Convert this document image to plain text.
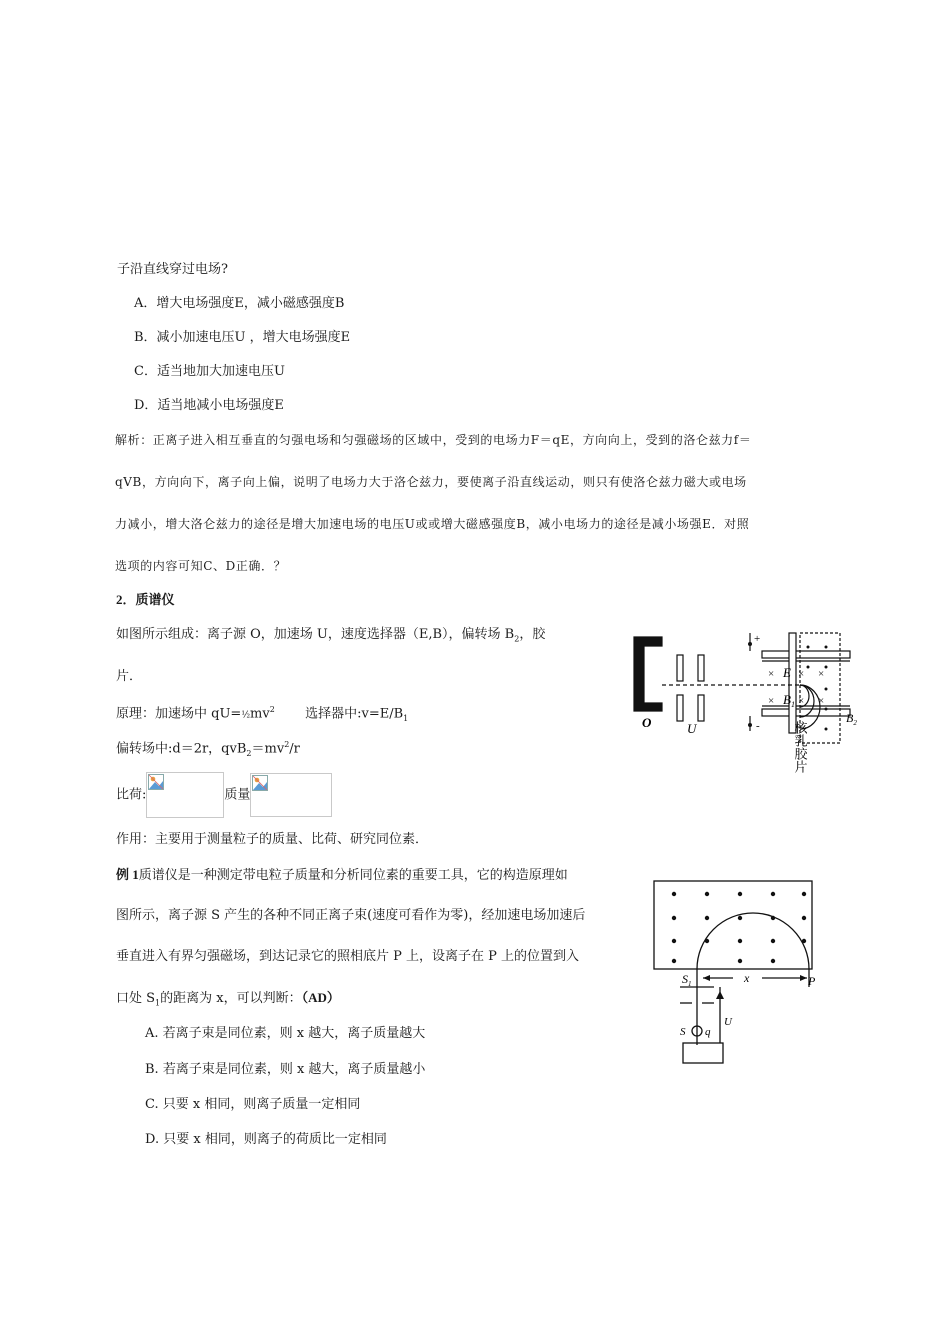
子沿直线穿过电场?
A．增大电场强度E，减小磁感强度B
B．减小加速电压U ，增大电场强度E
C．适当地加大加速电压U
D．适当地减小电场强度E
解析：正离子进入相互垂直的匀强电场和匀强磁场的区域中，受到的电场力F＝qE，方向向上，受到的洛仑兹力f＝
qVB，方向向下，离子向上偏，说明了电场力大于洛仑兹力，要使离子沿直线运动，则只有使洛仑兹力磁大或电场
力减小，增大洛仑兹力的途径是增大加速电场的电压U或或增大磁感强度B，减小电场力的途径是减小场强E．对照
选项的内容可知C、D正确．？
2．质谱仪
如图所示组成：离子源 O，加速场 U，速度选择器（E,B），偏转场 $B_2$，胶
片．
原理：加速场中 $qU=\frac{1}{2}mv^2$ 选择器中$:v=E/B_1$
偏转场中:d＝2r，$qvB_2=mv^2/r$
比荷:	质量
作用：主要用于测量粒子的质量、比荷、研究同位素．
× × ×
× × ×
+
-
E
$B_1$
$B_2$
O	U	核乳胶片
例 1质谱仪是一种测定带电粒子质量和分析同位素的重要工具，它的构造原理如
图所示，离子源 S 产生的各种不同正离子束(速度可看作为零)，经加速电场加速后
垂直进入有界匀强磁场，到达记录它的照相底片 P 上，设离子在 P 上的位置到入
口处 $S_1$的距离为 x，可以判断：（AD）
A. 若离子束是同位素，则 x 越大，离子质量越大
B. 若离子束是同位素，则 x 越大，离子质量越小
C. 只要 x 相同，则离子质量一定相同
D. 只要 x 相同，则离子的荷质比一定相同
$S_1$	x	P
U
S q
